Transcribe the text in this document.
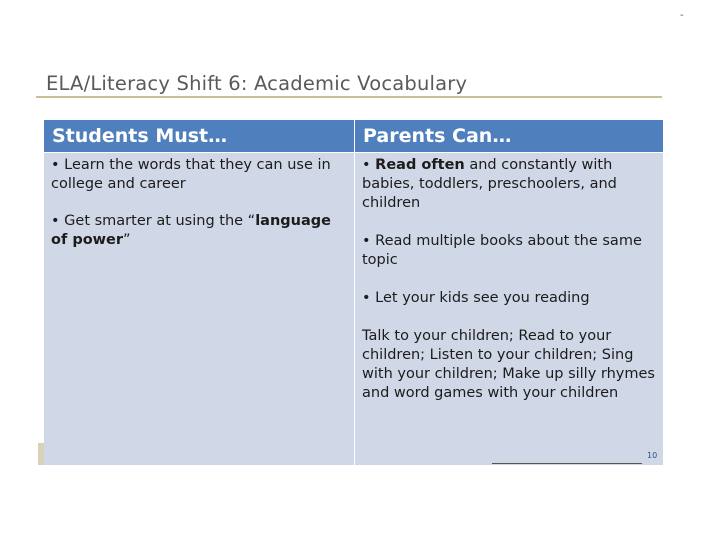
-
ELA/Literacy Shift 6: Academic Vocabulary
Students Must…	Parents Can…

• Learn the words that they can use in college and career

• Get smarter at using the “language of power”

• Read often and constantly with babies, toddlers, preschoolers, and children

• Read multiple books about the same topic

• Let your kids see you reading

Talk to your children; Read to your children; Listen to your children; Sing with your children; Make up silly rhymes and word games with your children

10
